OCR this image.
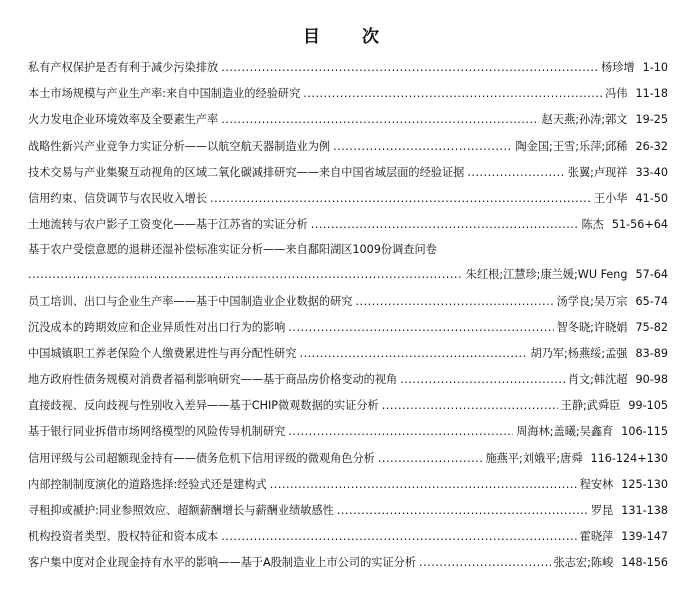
目 次
私有产权保护是否有利于减少污染排放 .....	杨珍增 1-10
本土市场规模与产业生产率:来自中国制造业的经验研究 .....	冯伟 11-18
火力发电企业环境效率及全要素生产率 .....	赵天燕;孙涛;郭文 19-25
战略性新兴产业竞争力实证分析——以航空航天器制造业为例 .....	陶金国;王雪;乐萍;邱稀 26-32
技术交易与产业集聚互动视角的区域二氧化碳减排研究——来自中国省域层面的经验证据 .....	张翼;卢现祥 33-40
信用约束、信贷调节与农民收入增长 .....	王小华 41-50
土地流转与农户影子工资变化——基于江苏省的实证分析 .....	陈杰 51-56+64
基于农户受偿意愿的退耕还湿补偿标准实证分析——来自鄱阳湖区1009份调查问卷
.....
朱红根;江慧珍;康兰媛;WU Feng 57-64
员工培训、出口与企业生产率——基于中国制造业企业数据的研究 .....	汤学良;吴万宗 65-74
沉没成本的跨期效应和企业异质性对出口行为的影响 .....	智冬晓;许晓娟 75-82
中国城镇职工养老保险个人缴费累进性与再分配性研究 .....	胡乃军;杨燕绥;孟强 83-89
地方政府性债务规模对消费者福利影响研究——基于商品房价格变动的视角 .....	肖文;韩沈超 90-98
直接歧视、反向歧视与性别收入差异——基于CHIP微观数据的实证分析 .....	王静;武舜臣 99-105
基于银行同业拆借市场网络模型的风险传导机制研究 .....	周海林;盖曦;吴鑫育 106-115
信用评级与公司超额现金持有——债务危机下信用评级的微观角色分析 .....	施燕平;刘娥平;唐舜 116-124+130
内部控制制度演化的道路选择:经验式还是建构式 .....	程安林 125-130
寻租抑或褫护:同业参照效应、超额薪酬增长与薪酬业绩敏感性 .....	罗昆 131-138
机构投资者类型、股权特征和资本成本 .....	霍晓萍 139-147
客户集中度对企业现金持有水平的影响——基于A股制造业上市公司的实证分析 .....	张志宏;陈峻 148-156
